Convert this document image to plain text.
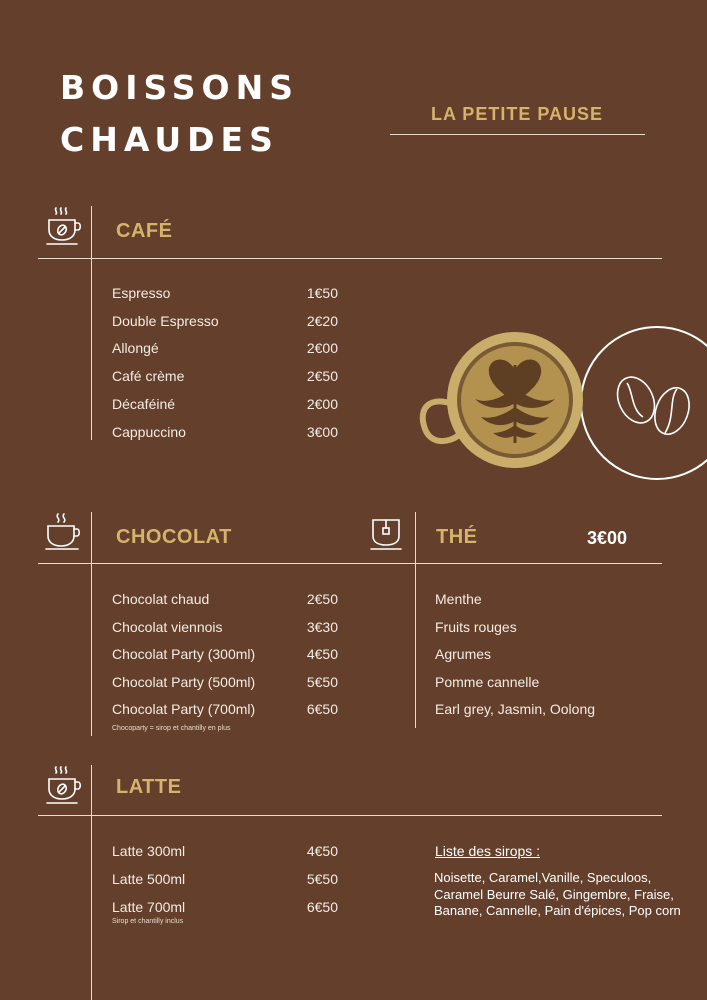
BOISSONS
CHAUDES
LA PETITE PAUSE
CAFÉ
Espresso	1€50
Double Espresso	2€20
Allongé	2€00
Café crème	2€50
Décaféiné	2€00
Cappuccino	3€00
CHOCOLAT	THÉ	3€00
Chocolat chaud	2€50
Chocolat viennois	3€30
Chocolat Party (300ml)	4€50
Chocolat Party (500ml)	5€50
Chocolat Party (700ml)	6€50
Chocoparty = sirop et chantilly en plus
Menthe
Fruits rouges
Agrumes
Pomme cannelle
Earl grey, Jasmin, Oolong
LATTE
Latte 300ml	4€50
Latte 500ml	5€50
Latte 700ml	6€50
Sirop et chantilly inclus
Liste des sirops :
Noisette, Caramel,Vanille, Speculoos, Caramel Beurre Salé, Gingembre, Fraise, Banane, Cannelle, Pain d'épices, Pop corn
